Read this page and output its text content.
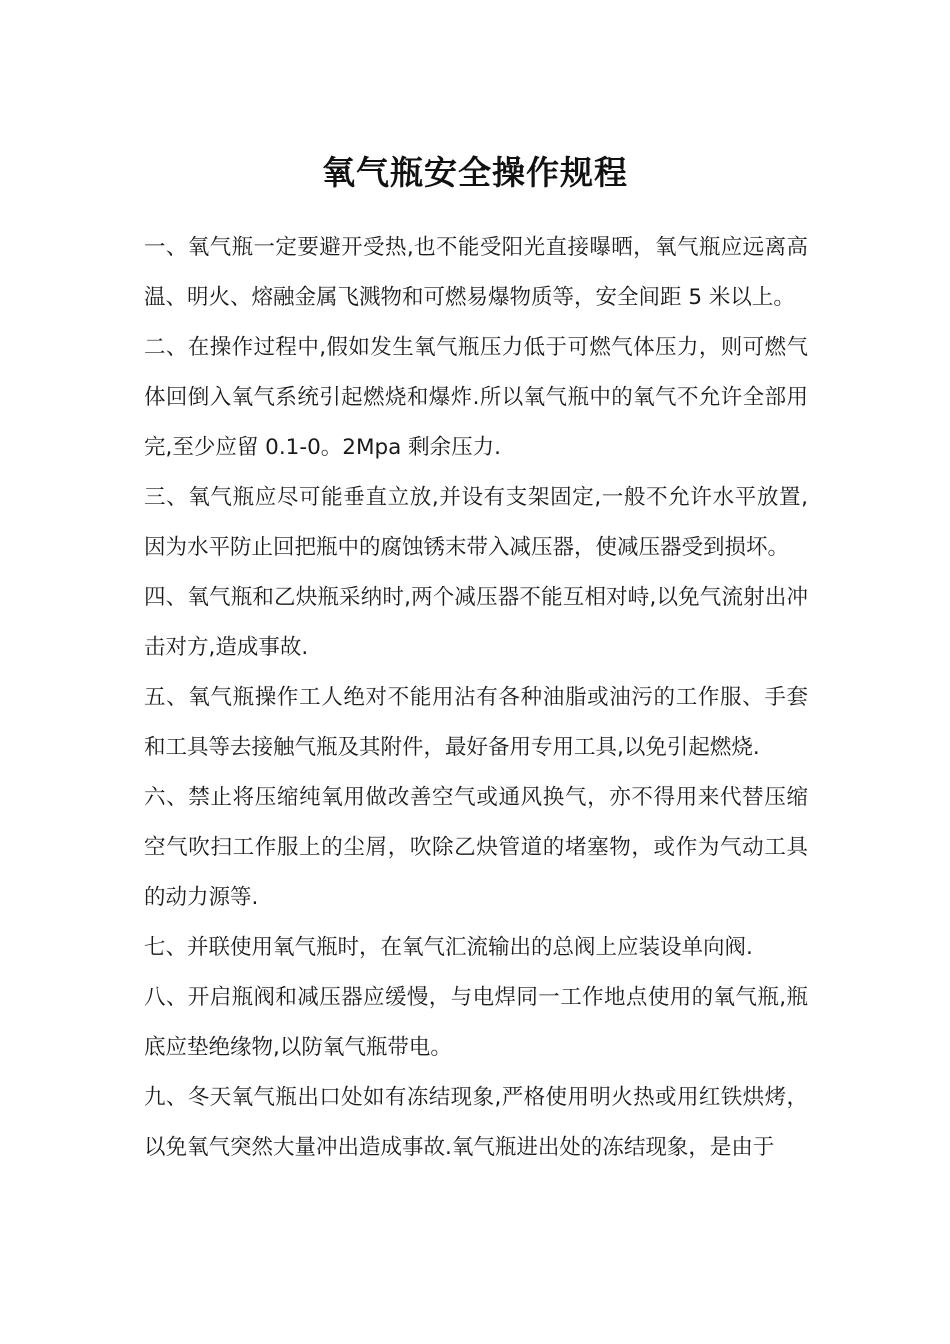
氧气瓶安全操作规程

一、氧气瓶一定要避开受热,也不能受阳光直接曝晒，氧气瓶应远离高温、明火、熔融金属飞溅物和可燃易爆物质等，安全间距 5 米以上。

二、在操作过程中,假如发生氧气瓶压力低于可燃气体压力，则可燃气体回倒入氧气系统引起燃烧和爆炸.所以氧气瓶中的氧气不允许全部用完,至少应留 0.1-0。2Mpa 剩余压力.

三、氧气瓶应尽可能垂直立放,并设有支架固定,一般不允许水平放置,因为水平防止回把瓶中的腐蚀锈末带入减压器，使减压器受到损坏。

四、氧气瓶和乙炔瓶采纳时,两个减压器不能互相对峙,以免气流射出冲击对方,造成事故.

五、氧气瓶操作工人绝对不能用沾有各种油脂或油污的工作服、手套和工具等去接触气瓶及其附件，最好备用专用工具,以免引起燃烧.

六、禁止将压缩纯氧用做改善空气或通风换气，亦不得用来代替压缩空气吹扫工作服上的尘屑，吹除乙炔管道的堵塞物，或作为气动工具的动力源等.

七、并联使用氧气瓶时，在氧气汇流输出的总阀上应装设单向阀.

八、开启瓶阀和减压器应缓慢，与电焊同一工作地点使用的氧气瓶,瓶底应垫绝缘物,以防氧气瓶带电。

九、冬天氧气瓶出口处如有冻结现象,严格使用明火热或用红铁烘烤，以免氧气突然大量冲出造成事故.氧气瓶进出处的冻结现象，是由于
